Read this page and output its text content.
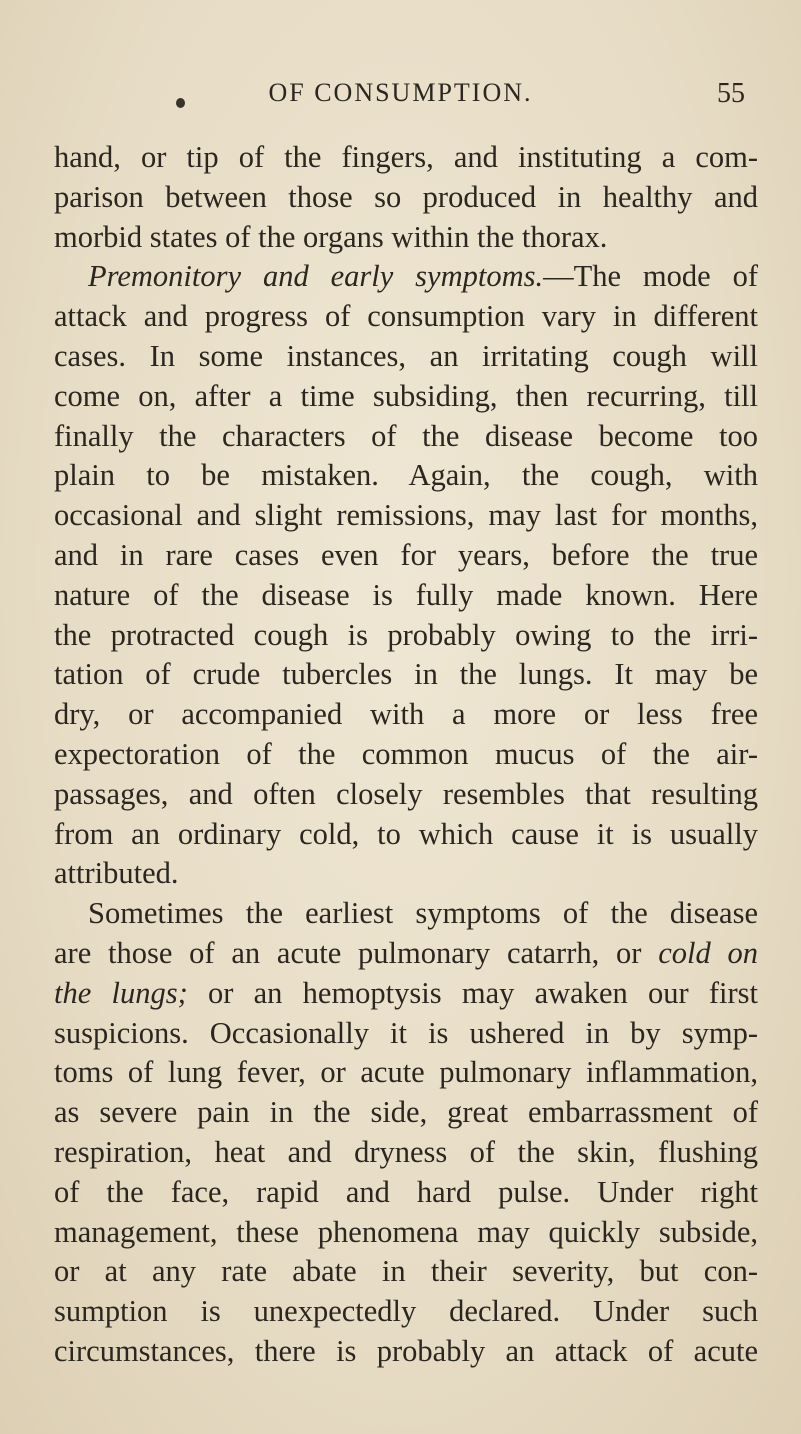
OF CONSUMPTION.	55
hand, or tip of the fingers, and instituting a com-
parison between those so produced in healthy and
morbid states of the organs within the thorax.
Premonitory and early symptoms.—The mode of
attack and progress of consumption vary in different
cases. In some instances, an irritating cough will
come on, after a time subsiding, then recurring, till
finally the characters of the disease become too
plain to be mistaken. Again, the cough, with
occasional and slight remissions, may last for months,
and in rare cases even for years, before the true
nature of the disease is fully made known. Here
the protracted cough is probably owing to the irri-
tation of crude tubercles in the lungs. It may be
dry, or accompanied with a more or less free
expectoration of the common mucus of the air-
passages, and often closely resembles that resulting
from an ordinary cold, to which cause it is usually
attributed.
Sometimes the earliest symptoms of the disease
are those of an acute pulmonary catarrh, or cold on
the lungs; or an hemoptysis may awaken our first
suspicions. Occasionally it is ushered in by symp-
toms of lung fever, or acute pulmonary inflammation,
as severe pain in the side, great embarrassment of
respiration, heat and dryness of the skin, flushing
of the face, rapid and hard pulse. Under right
management, these phenomena may quickly subside,
or at any rate abate in their severity, but con-
sumption is unexpectedly declared. Under such
circumstances, there is probably an attack of acute
